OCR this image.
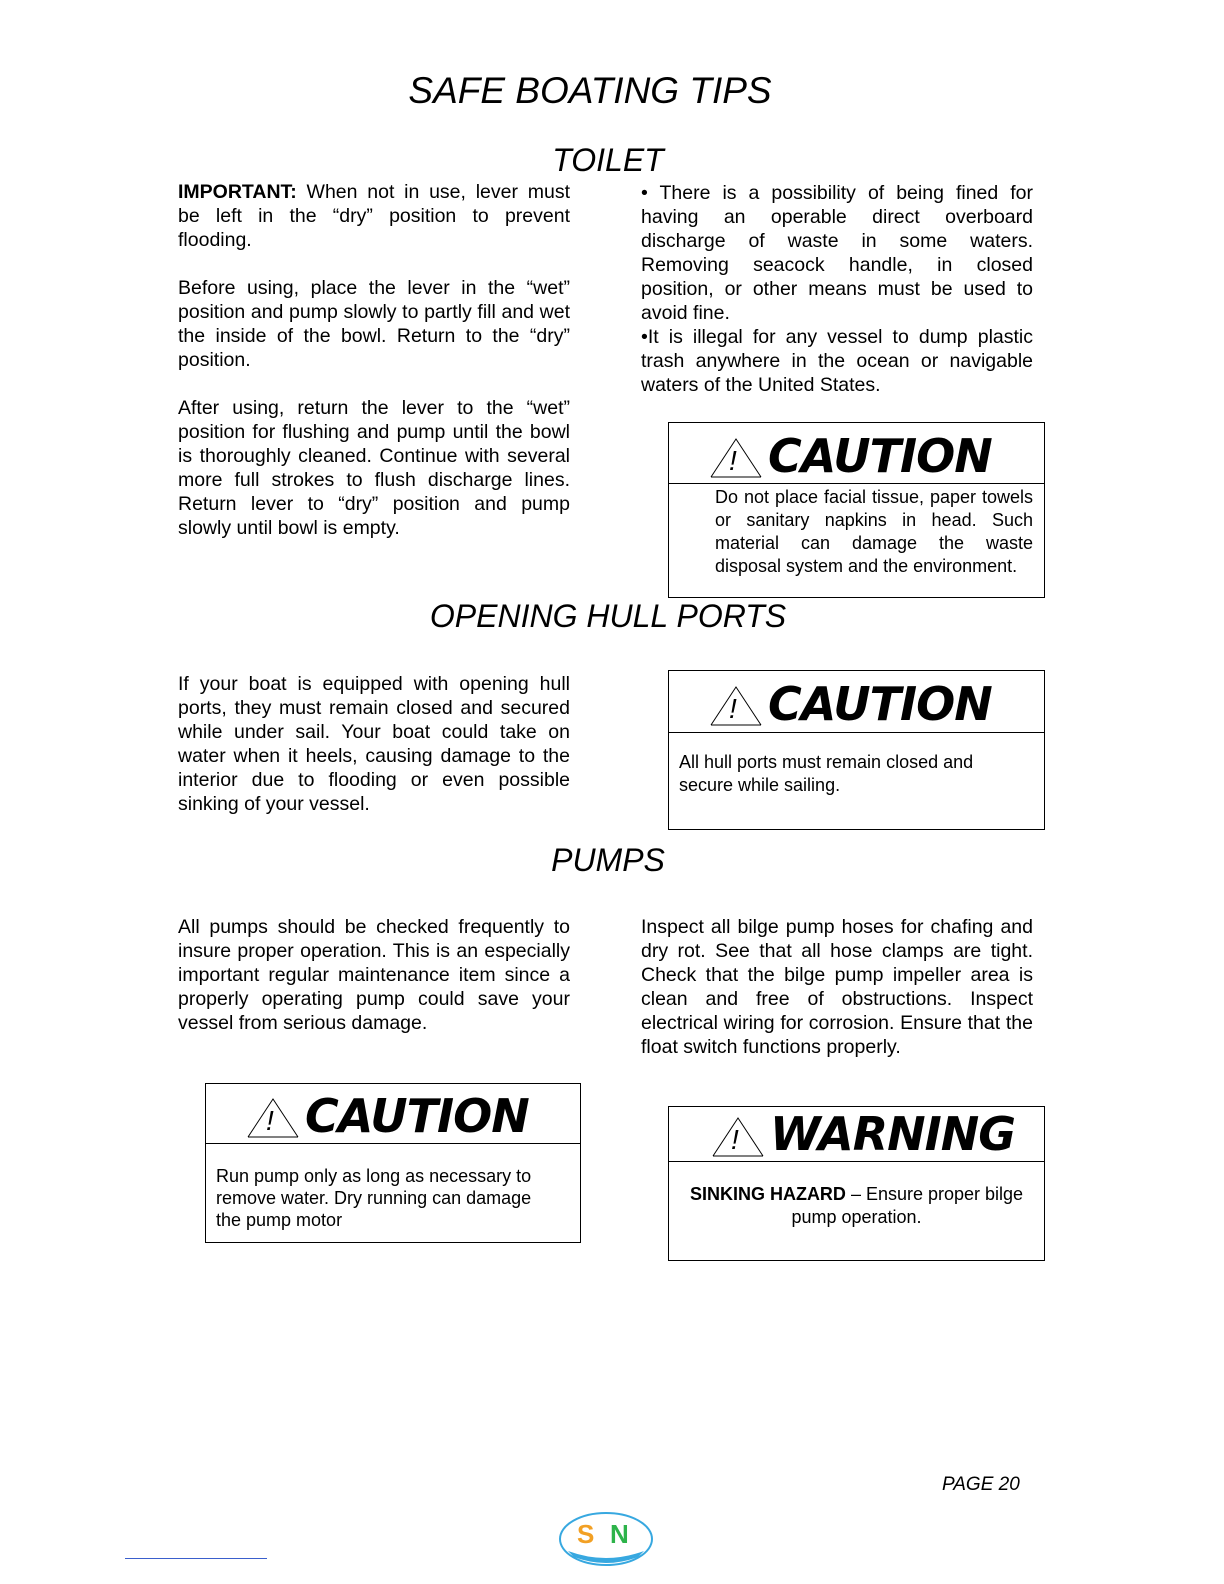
SAFE BOATING TIPS
TOILET

IMPORTANT: When not in use, lever must be left in the “dry” position to prevent flooding.

Before using, place the lever in the “wet” position and pump slowly to partly fill and wet the inside of the bowl. Return to the “dry” position.

After using, return the lever to the “wet” position for flushing and pump until the bowl is thoroughly cleaned. Continue with several more full strokes to flush discharge lines. Return lever to “dry” position and pump slowly until bowl is empty.

• There is a possibility of being fined for having an operable direct overboard discharge of waste in some waters. Removing seacock handle, in closed position, or other means must be used to avoid fine.

•It is illegal for any vessel to dump plastic trash anywhere in the ocean or navigable waters of the United States.

! CAUTION
Do not place facial tissue, paper towels or sanitary napkins in head. Such material can damage the waste disposal system and the environment.
OPENING HULL PORTS

If your boat is equipped with opening hull ports, they must remain closed and secured while under sail. Your boat could take on water when it heels, causing damage to the interior due to flooding or even possible sinking of your vessel.

! CAUTION
All hull ports must remain closed and secure while sailing.
PUMPS

All pumps should be checked frequently to insure proper operation. This is an especially important regular maintenance item since a properly operating pump could save your vessel from serious damage.

Inspect all bilge pump hoses for chafing and dry rot. See that all hose clamps are tight. Check that the bilge pump impeller area is clean and free of obstructions. Inspect electrical wiring for corrosion. Ensure that the float switch functions properly.

! CAUTION
Run pump only as long as necessary to remove water. Dry running can damage the pump motor
! WARNING
SINKING HAZARD – Ensure proper bilge pump operation.
PAGE 20
S N
